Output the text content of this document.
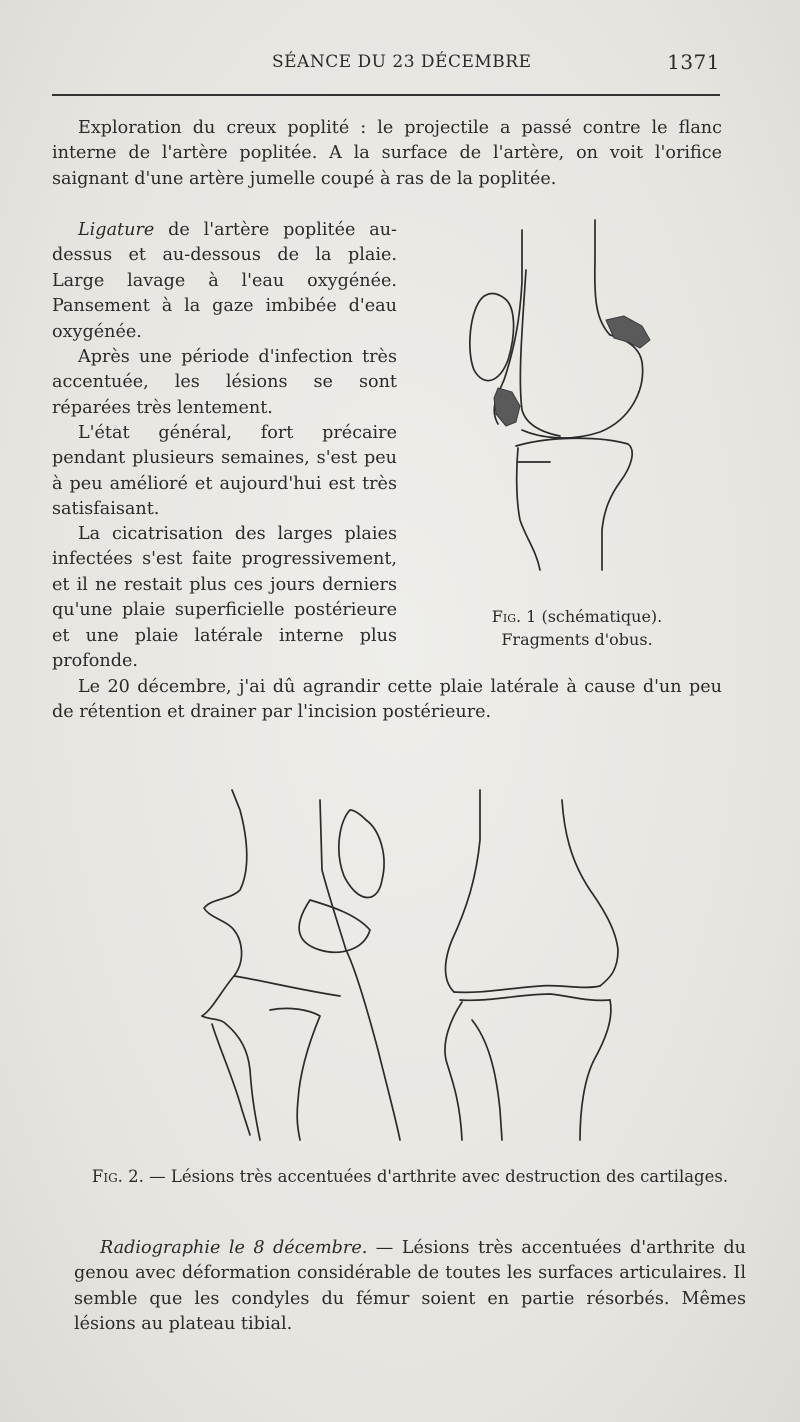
SÉANCE DU 23 DÉCEMBRE	1371

Exploration du creux poplité : le projectile a passé contre le flanc interne de l'artère poplitée. A la surface de l'artère, on voit l'orifice saignant d'une artère jumelle coupé à ras de la poplitée.

Ligature de l'artère poplitée au-dessus et au-dessous de la plaie. Large lavage à l'eau oxygénée. Pansement à la gaze imbibée d'eau oxygénée.

Après une période d'infection très accentuée, les lésions se sont réparées très lentement.

L'état général, fort précaire pendant plusieurs semaines, s'est peu à peu amélioré et aujourd'hui est très satisfaisant.

La cicatrisation des larges plaies infectées s'est faite progressivement, et il ne restait plus ces jours derniers qu'une plaie superficielle postérieure et une plaie latérale interne plus profonde.

Le 20 décembre, j'ai dû agrandir cette plaie latérale à cause d'un peu de rétention et drainer par l'incision postérieure.

Fig. 1 (schématique).
Fragments d'obus.
Fig. 2. — Lésions très accentuées d'arthrite avec destruction des cartilages.

Radiographie le 8 décembre. — Lésions très accentuées d'arthrite du genou avec déformation considérable de toutes les surfaces articulaires. Il semble que les condyles du fémur soient en partie résorbés. Mêmes lésions au plateau tibial.
